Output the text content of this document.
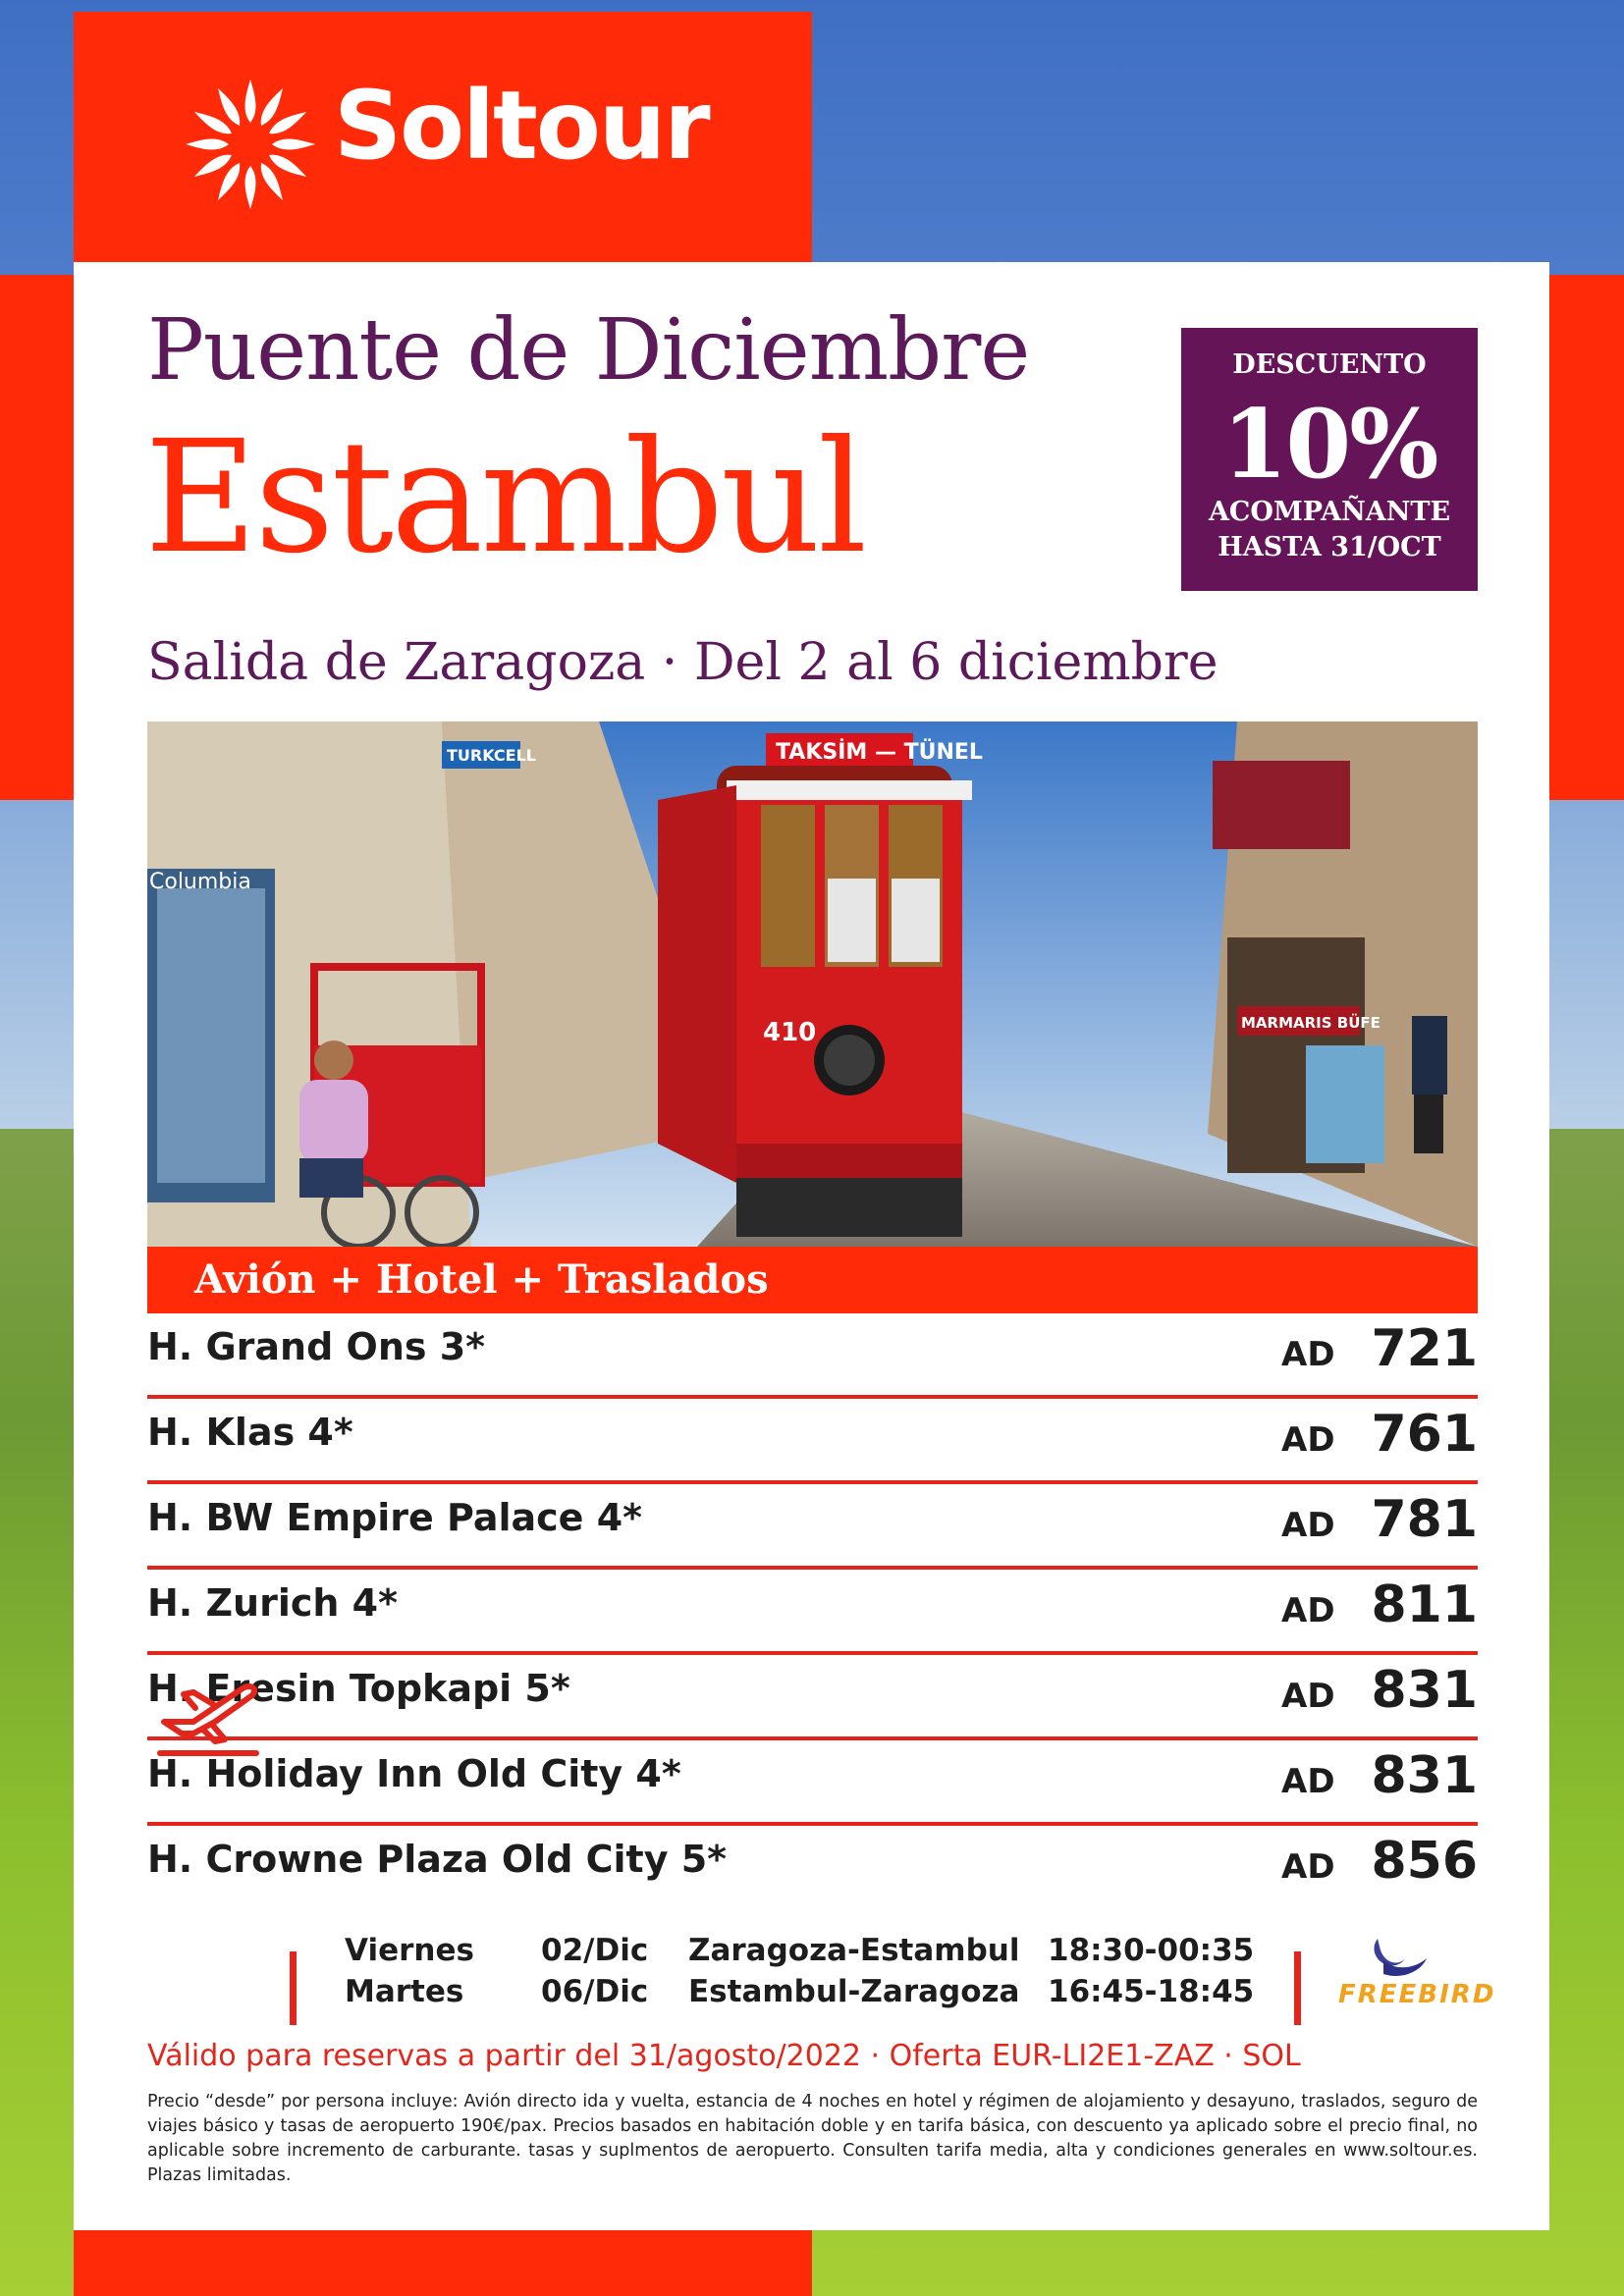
Soltour
Puente de Diciembre
Estambul
DESCUENTO
10%
ACOMPAÑANTE
HASTA 31/OCT
Salida de Zaragoza · Del 2 al 6 diciembre
Columbia
TURKCELL
MARMARIS BÜFE
TAKSİM — TÜNEL
410
Avión + Hotel + Traslados
H. Grand Ons 3*	AD 721
H. Klas 4*	AD 761
H. BW Empire Palace 4*	AD 781
H. Zurich 4*	AD 811
H. Eresin Topkapi 5*	AD 831
H. Holiday Inn Old City 4*	AD 831
H. Crowne Plaza Old City 5*	AD 856
Viernes 02/Dic Zaragoza-Estambul 18:30-00:35
Martes	06/Dic Estambul-Zaragoza 16:45-18:45	FREEBIRD
Válido para reservas a partir del 31/agosto/2022 · Oferta EUR-LI2E1-ZAZ · SOL
Precio “desde” por persona incluye: Avión directo ida y vuelta, estancia de 4 noches en hotel y régimen de alojamiento y desayuno, traslados, seguro de viajes básico y tasas de aeropuerto 190€/pax. Precios basados en habitación doble y en tarifa básica, con descuento ya aplicado sobre el precio final, no aplicable sobre incremento de carburante. tasas y suplmentos de aeropuerto. Consulten tarifa media, alta y condiciones generales en www.soltour.es. Plazas limitadas.
